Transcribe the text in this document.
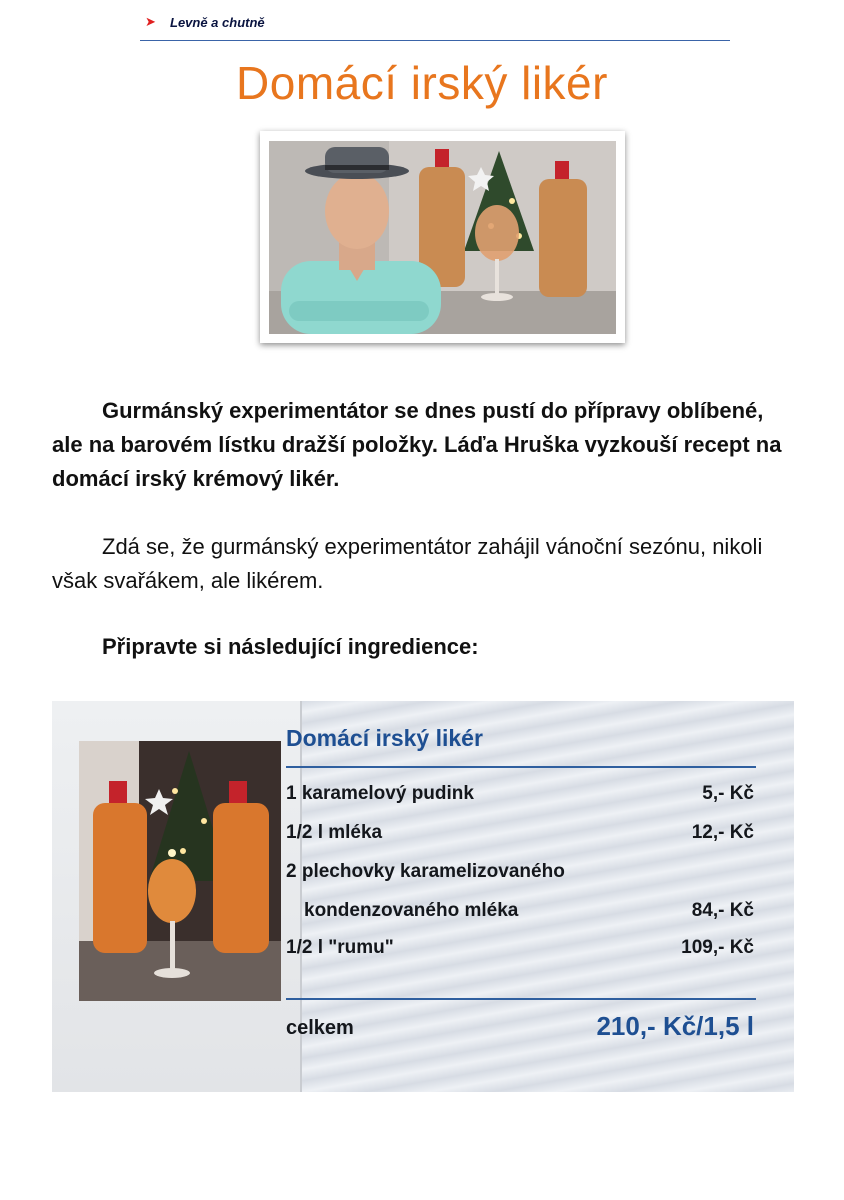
➤ Levně a chutně
Domácí irský likér

Gurmánský experimentátor se dnes pustí do přípravy oblíbené, ale na barovém lístku dražší položky. Láďa Hruška vyzkouší recept na domácí irský krémový likér.

Zdá se, že gurmánský experimentátor zahájil vánoční sezónu, nikoli však svařákem, ale likérem.

Připravte si následující ingredience:

Domácí irský likér
1 karamelový pudink	5,- Kč
1/2 l mléka	12,- Kč
2 plechovky karamelizovaného
kondenzovaného mléka	84,- Kč
1/2 l "rumu"	109,- Kč
celkem	210,- Kč/1,5 l
